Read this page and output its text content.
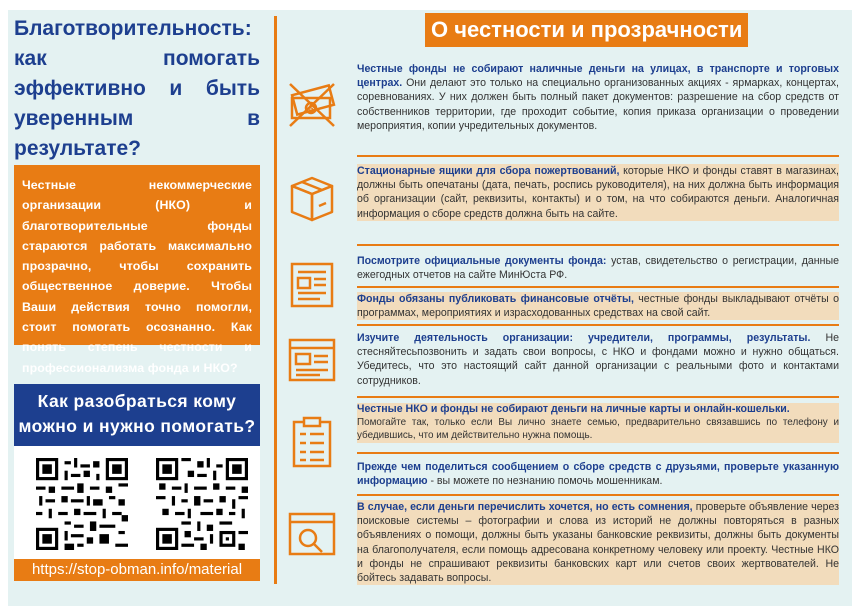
Благотворительность: как помогать эффективно и быть уверенным в результате?
Честные некоммерческие организации (НКО) и благотворительные фонды стараются работать максимально прозрачно, чтобы сохранить общественное доверие. Чтобы Ваши действия точно помогли, стоит помогать осознанно. Как понять степень честности и профессионализма фонда и НКО?
Как разобраться кому можно и нужно помогать?
https://stop-obman.info/material
О честности и прозрачности
$
Честные фонды не собирают наличные деньги на улицах, в транспорте и торговых центрах. Они делают это только на специально организованных акциях - ярмарках, концертах, соревнованиях. У них должен быть полный пакет документов: разрешение на сбор средств от собственников территории, где проходит событие, копия приказа организации о проведении мероприятия, копии учредительных документов.
Стационарные ящики для сбора пожертвований, которые НКО и фонды ставят в магазинах, должны быть опечатаны (дата, печать, роспись руководителя), на них должна быть информация об организации (сайт, реквизиты, контакты) и о том, на что собираются деньги. Аналогичная информация о сборе средств должна быть на сайте.
Посмотрите официальные документы фонда: устав, свидетельство о регистрации, данные ежегодных отчетов на сайте МинЮста РФ.
Фонды обязаны публиковать финансовые отчёты, честные фонды выкладывают отчёты о программах, мероприятиях и израсходованных средствах на свой сайт.
Изучите деятельность организации: учредители, программы, результаты. Не стесняйтесьпозвонить и задать свои вопросы, с НКО и фондами можно и нужно общаться. Убедитесь, что это настоящий сайт данной организации с реальными фото и контактами сотрудников.
Честные НКО и фонды не собирают деньги на личные карты и онлайн-кошельки.
Помогайте так, только если Вы лично знаете семью, предварительно связавшись по телефону и убедившись, что им действительно нужна помощь.
Прежде чем поделиться сообщением о сборе средств с друзьями, проверьте указанную информацию - вы можете по незнанию помочь мошенникам.
В случае, если деньги перечислить хочется, но есть сомнения, проверьте объявление через поисковые системы – фотографии и слова из историй не должны повторяться в разных объявлениях о помощи, должны быть указаны банковские реквизиты, должны быть документы на благополучателя, если помощь адресована конкретному человеку или проекту. Честные НКО и фонды не спрашивают реквизиты банковских карт или счетов своих жертвователей. Не бойтесь задавать вопросы.
